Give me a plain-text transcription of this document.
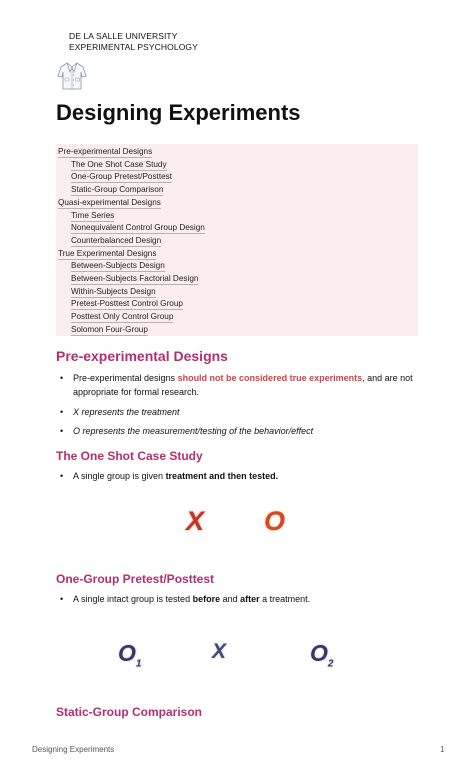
DE LA SALLE UNIVERSITY
EXPERIMENTAL PSYCHOLOGY
Designing Experiments
Pre-experimental Designs
The One Shot Case Study
One-Group Pretest/Posttest
Static-Group Comparison
Quasi-experimental Designs
Time Series
Nonequivalent Control Group Design
Counterbalanced Design
True Experimental Designs
Between-Subjects Design
Between-Subjects Factorial Design
Within-Subjects Design
Pretest-Posttest Control Group
Posttest Only Control Group
Solomon Four-Group
Pre-experimental Designs
• Pre-experimental designs should not be considered true experiments, and are not appropriate for formal research.
• X represents the treatment
• O represents the measurement/testing of the behavior/effect
The One Shot Case Study
• A single group is given treatment and then tested.
X O
One-Group Pretest/Posttest
• A single intact group is tested before and after a treatment.
$O_1$
X	$O_2$
Static-Group Comparison
Designing Experiments	1
